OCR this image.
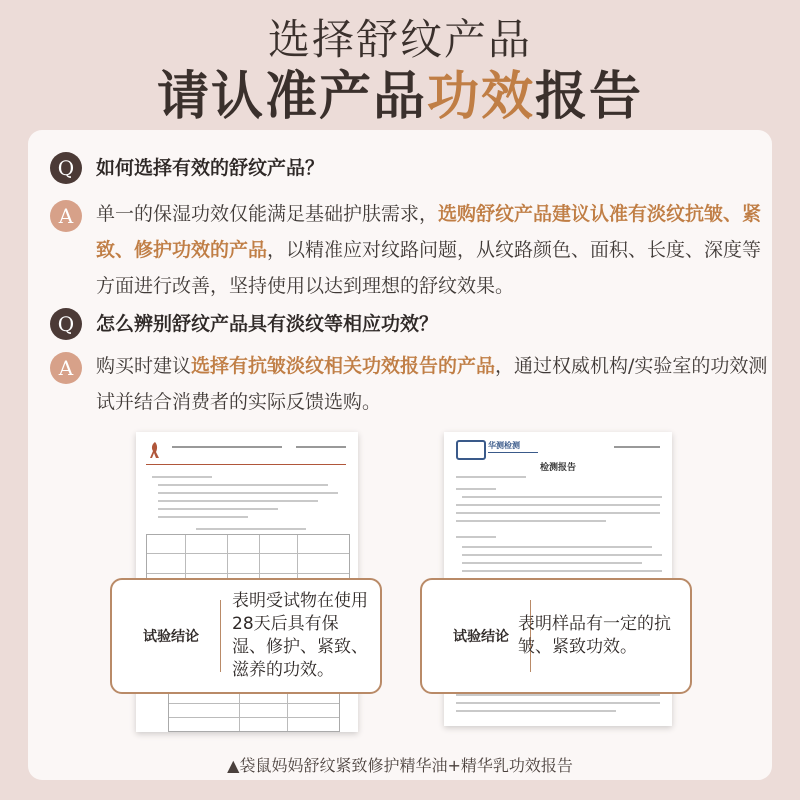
选择舒纹产品
请认准产品功效报告
Q	如何选择有效的舒纹产品？
A	单一的保湿功效仅能满足基础护肤需求，选购舒纹产品建议认准有淡纹抗皱、紧致、修护功效的产品，以精准应对纹路问题，从纹路颜色、面积、长度、深度等方面进行改善，坚持使用以达到理想的舒纹效果。
Q	怎么辨别舒纹产品具有淡纹等相应功效？
A	购买时建议选择有抗皱淡纹相关功效报告的产品，通过权威机构/实验室的功效测试并结合消费者的实际反馈选购。
华测检测
检测报告
试验结论
表明受试物在使用28天后具有保湿、修护、紧致、滋养的功效。
试验结论
表明样品有一定的抗皱、紧致功效。
▲袋鼠妈妈舒纹紧致修护精华油+精华乳功效报告
